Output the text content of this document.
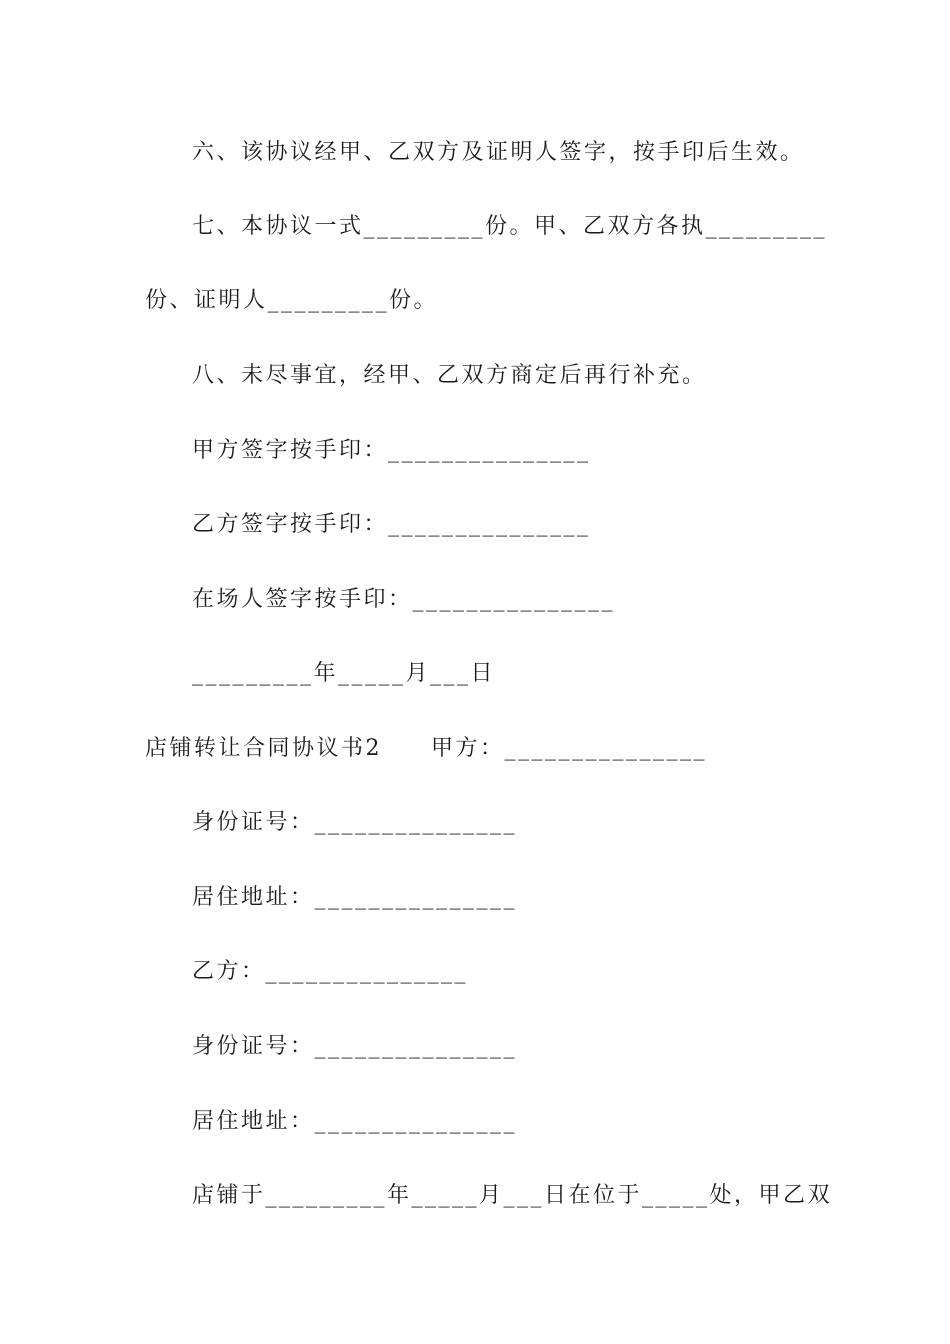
六、该协议经甲、乙双方及证明人签字，按手印后生效。
七、本协议一式_________份。甲、乙双方各执_________
份、证明人_________份。
八、未尽事宜，经甲、乙双方商定后再行补充。
甲方签字按手印：_______________
乙方签字按手印：_______________
在场人签字按手印：_______________
_________年_____月___日
店铺转让合同协议书2　　甲方：_______________
身份证号：_______________
居住地址：_______________
乙方：_______________
身份证号：_______________
居住地址：_______________
店铺于_________年_____月___日在位于_____处，甲乙双
